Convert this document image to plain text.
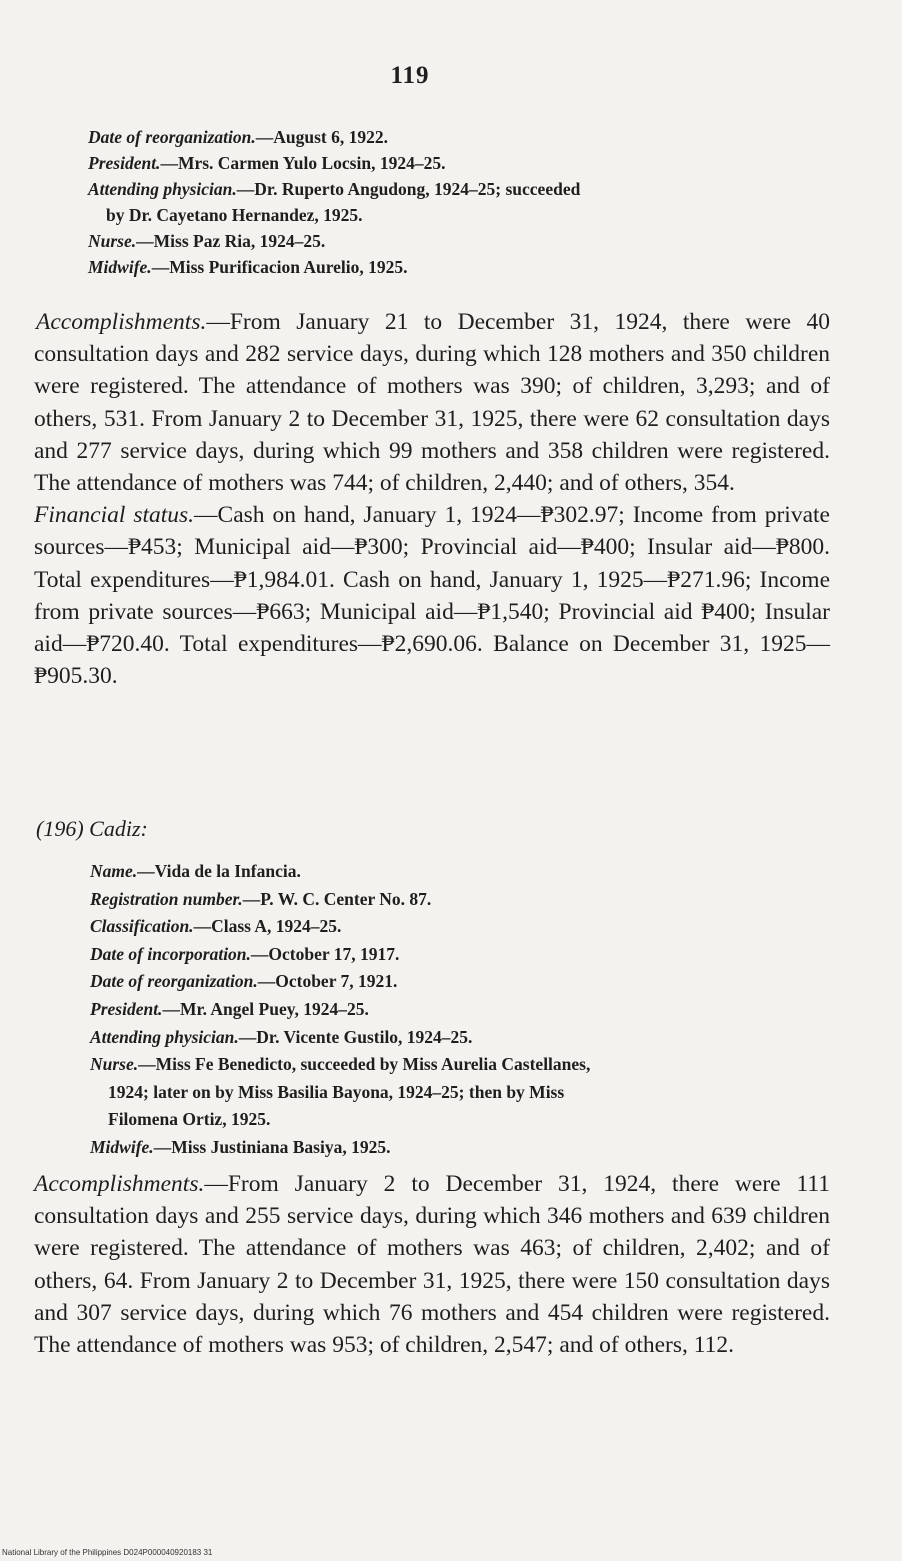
119
Date of reorganization.—August 6, 1922.
President.—Mrs. Carmen Yulo Locsin, 1924–25.
Attending physician.—Dr. Ruperto Angudong, 1924–25; succeeded
by Dr. Cayetano Hernandez, 1925.
Nurse.—Miss Paz Ria, 1924–25.
Midwife.—Miss Purificacion Aurelio, 1925.
Accomplishments.—From January 21 to December 31, 1924, there were 40 consultation days and 282 service days, during which 128 mothers and 350 children were registered. The attendance of mothers was 390; of children, 3,293; and of others, 531. From January 2 to December 31, 1925, there were 62 consultation days and 277 service days, during which 99 mothers and 358 children were registered. The attendance of mothers was 744; of children, 2,440; and of others, 354.
Financial status.—Cash on hand, January 1, 1924—₱302.97; Income from private sources—₱453; Municipal aid—₱300; Provincial aid—₱400; Insular aid—₱800. Total expenditures—₱1,984.01. Cash on hand, January 1, 1925—₱271.96; Income from private sources—₱663; Municipal aid—₱1,540; Provincial aid ₱400; Insular aid—₱720.40. Total expenditures—₱2,690.06. Balance on December 31, 1925—₱905.30.
(196) Cadiz:
Name.—Vida de la Infancia.
Registration number.—P. W. C. Center No. 87.
Classification.—Class A, 1924–25.
Date of incorporation.—October 17, 1917.
Date of reorganization.—October 7, 1921.
President.—Mr. Angel Puey, 1924–25.
Attending physician.—Dr. Vicente Gustilo, 1924–25.
Nurse.—Miss Fe Benedicto, succeeded by Miss Aurelia Castellanes,
1924; later on by Miss Basilia Bayona, 1924–25; then by Miss
Filomena Ortiz, 1925.
Midwife.—Miss Justiniana Basiya, 1925.
Accomplishments.—From January 2 to December 31, 1924, there were 111 consultation days and 255 service days, during which 346 mothers and 639 children were registered. The attendance of mothers was 463; of children, 2,402; and of others, 64. From January 2 to December 31, 1925, there were 150 consultation days and 307 service days, during which 76 mothers and 454 children were registered. The attendance of mothers was 953; of children, 2,547; and of others, 112.
National Library of the Philippines D024P000040920183 31
